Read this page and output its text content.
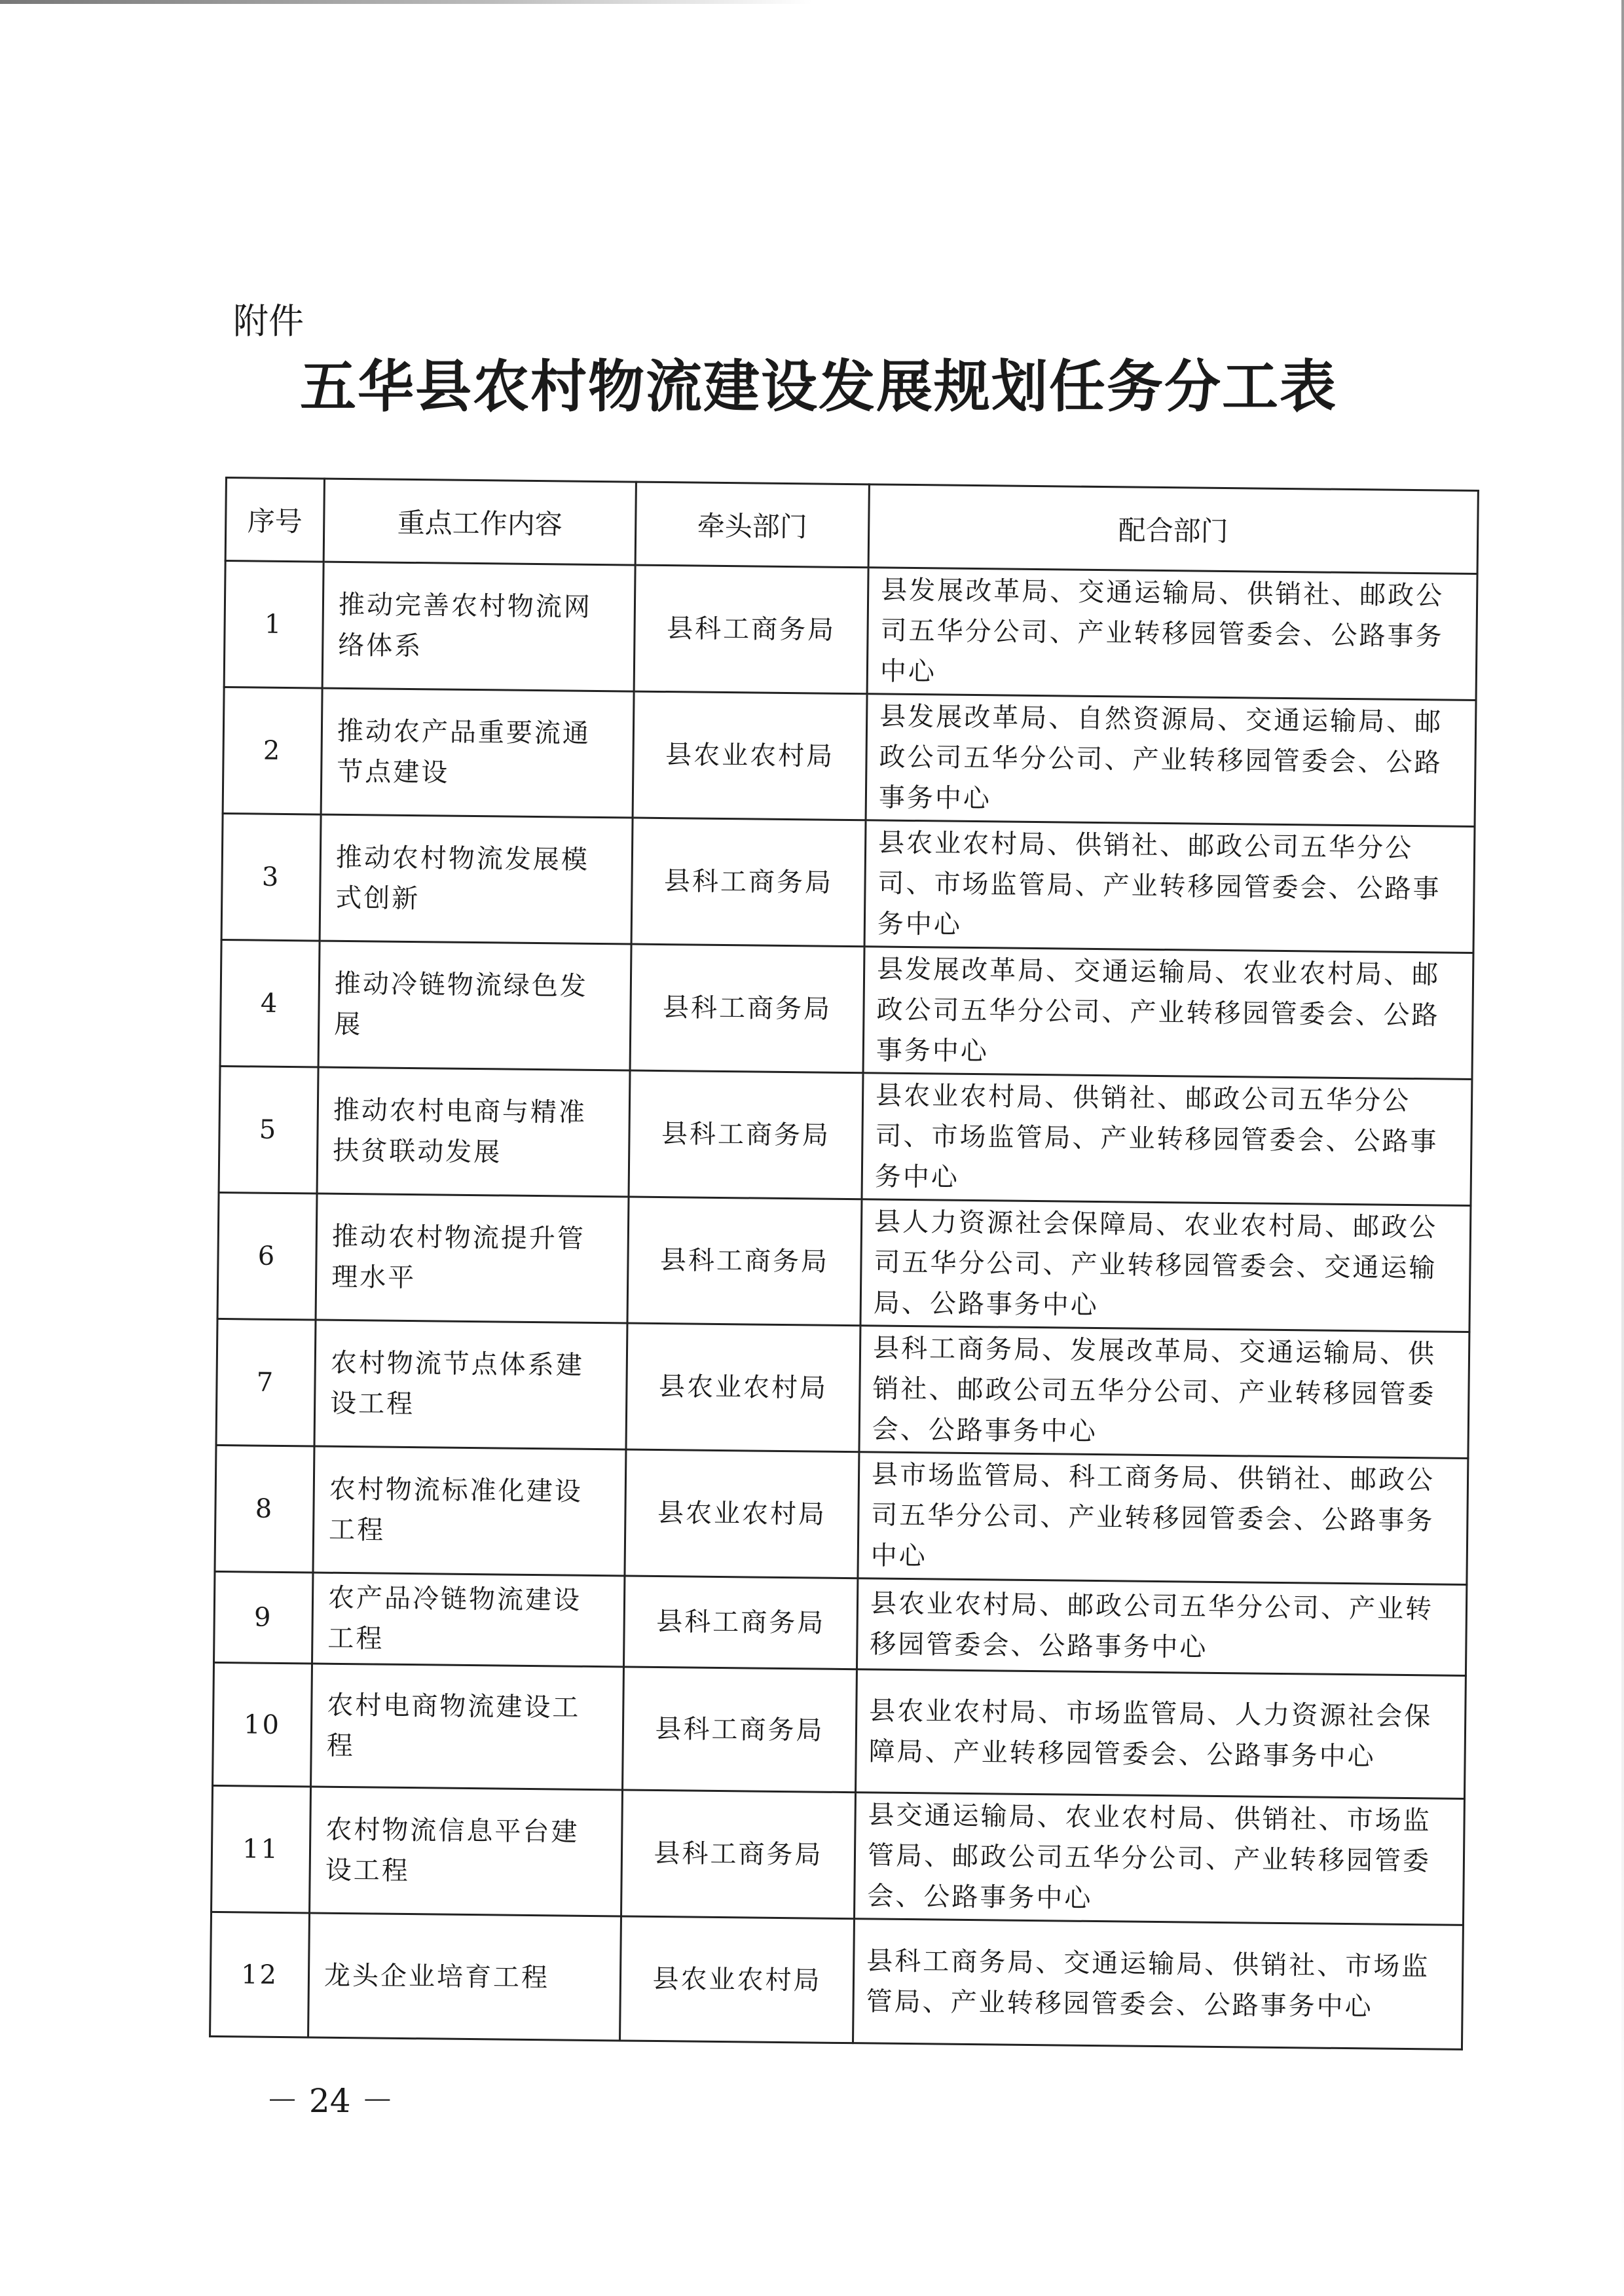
附件
五华县农村物流建设发展规划任务分工表
序号	重点工作内容	牵头部门	配合部门
1	推动完善农村物流网络体系	县科工商务局	县发展改革局、交通运输局、供销社、邮政公司五华分公司、产业转移园管委会、公路事务中心
2	推动农产品重要流通节点建设	县农业农村局	县发展改革局、自然资源局、交通运输局、邮政公司五华分公司、产业转移园管委会、公路事务中心
3	推动农村物流发展模式创新	县科工商务局	县农业农村局、供销社、邮政公司五华分公司、市场监管局、产业转移园管委会、公路事务中心
4	推动冷链物流绿色发展	县科工商务局	县发展改革局、交通运输局、农业农村局、邮政公司五华分公司、产业转移园管委会、公路事务中心
5	推动农村电商与精准扶贫联动发展	县科工商务局	县农业农村局、供销社、邮政公司五华分公司、市场监管局、产业转移园管委会、公路事务中心
6	推动农村物流提升管理水平	县科工商务局	县人力资源社会保障局、农业农村局、邮政公司五华分公司、产业转移园管委会、交通运输局、公路事务中心
7	农村物流节点体系建设工程	县农业农村局	县科工商务局、发展改革局、交通运输局、供销社、邮政公司五华分公司、产业转移园管委会、公路事务中心
8	农村物流标准化建设工程	县农业农村局	县市场监管局、科工商务局、供销社、邮政公司五华分公司、产业转移园管委会、公路事务中心
9	农产品冷链物流建设工程	县科工商务局	县农业农村局、邮政公司五华分公司、产业转移园管委会、公路事务中心
10	农村电商物流建设工程	县科工商务局	县农业农村局、市场监管局、人力资源社会保障局、产业转移园管委会、公路事务中心
11	农村物流信息平台建设工程	县科工商务局	县交通运输局、农业农村局、供销社、市场监管局、邮政公司五华分公司、产业转移园管委会、公路事务中心
12	龙头企业培育工程	县农业农村局	县科工商务局、交通运输局、供销社、市场监管局、产业转移园管委会、公路事务中心
－ 24 －
